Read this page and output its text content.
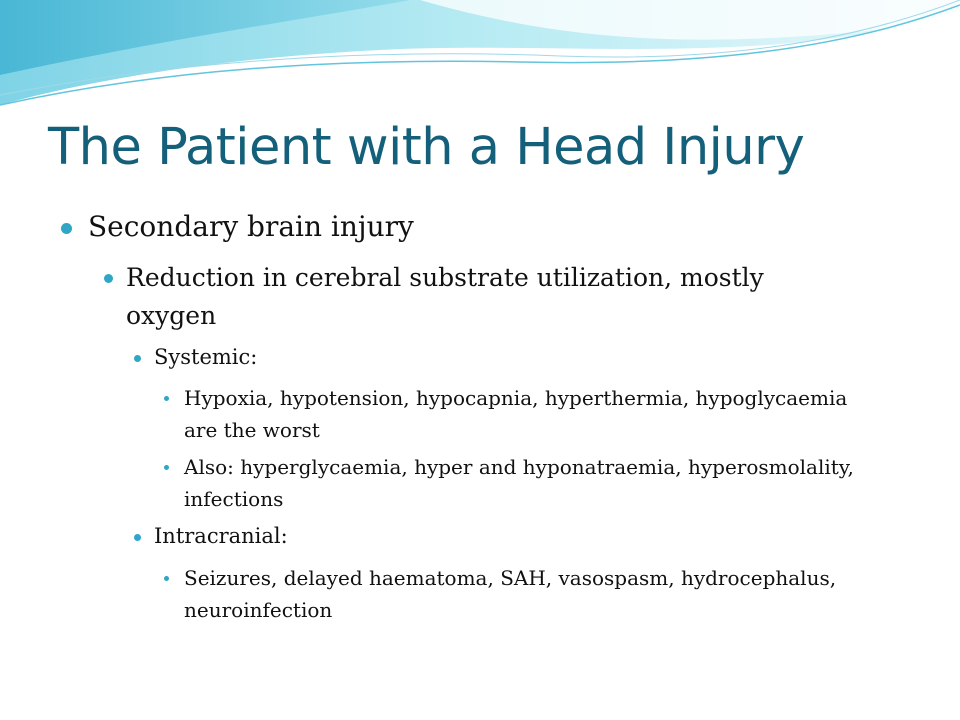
The Patient with a Head Injury
Secondary brain injury
Reduction in cerebral substrate utilization, mostly oxygen
Systemic:
Hypoxia, hypotension, hypocapnia, hyperthermia, hypoglycaemia are the worst
Also: hyperglycaemia, hyper and hyponatraemia, hyperosmolality, infections
Intracranial:
Seizures, delayed haematoma, SAH, vasospasm, hydrocephalus, neuroinfection
